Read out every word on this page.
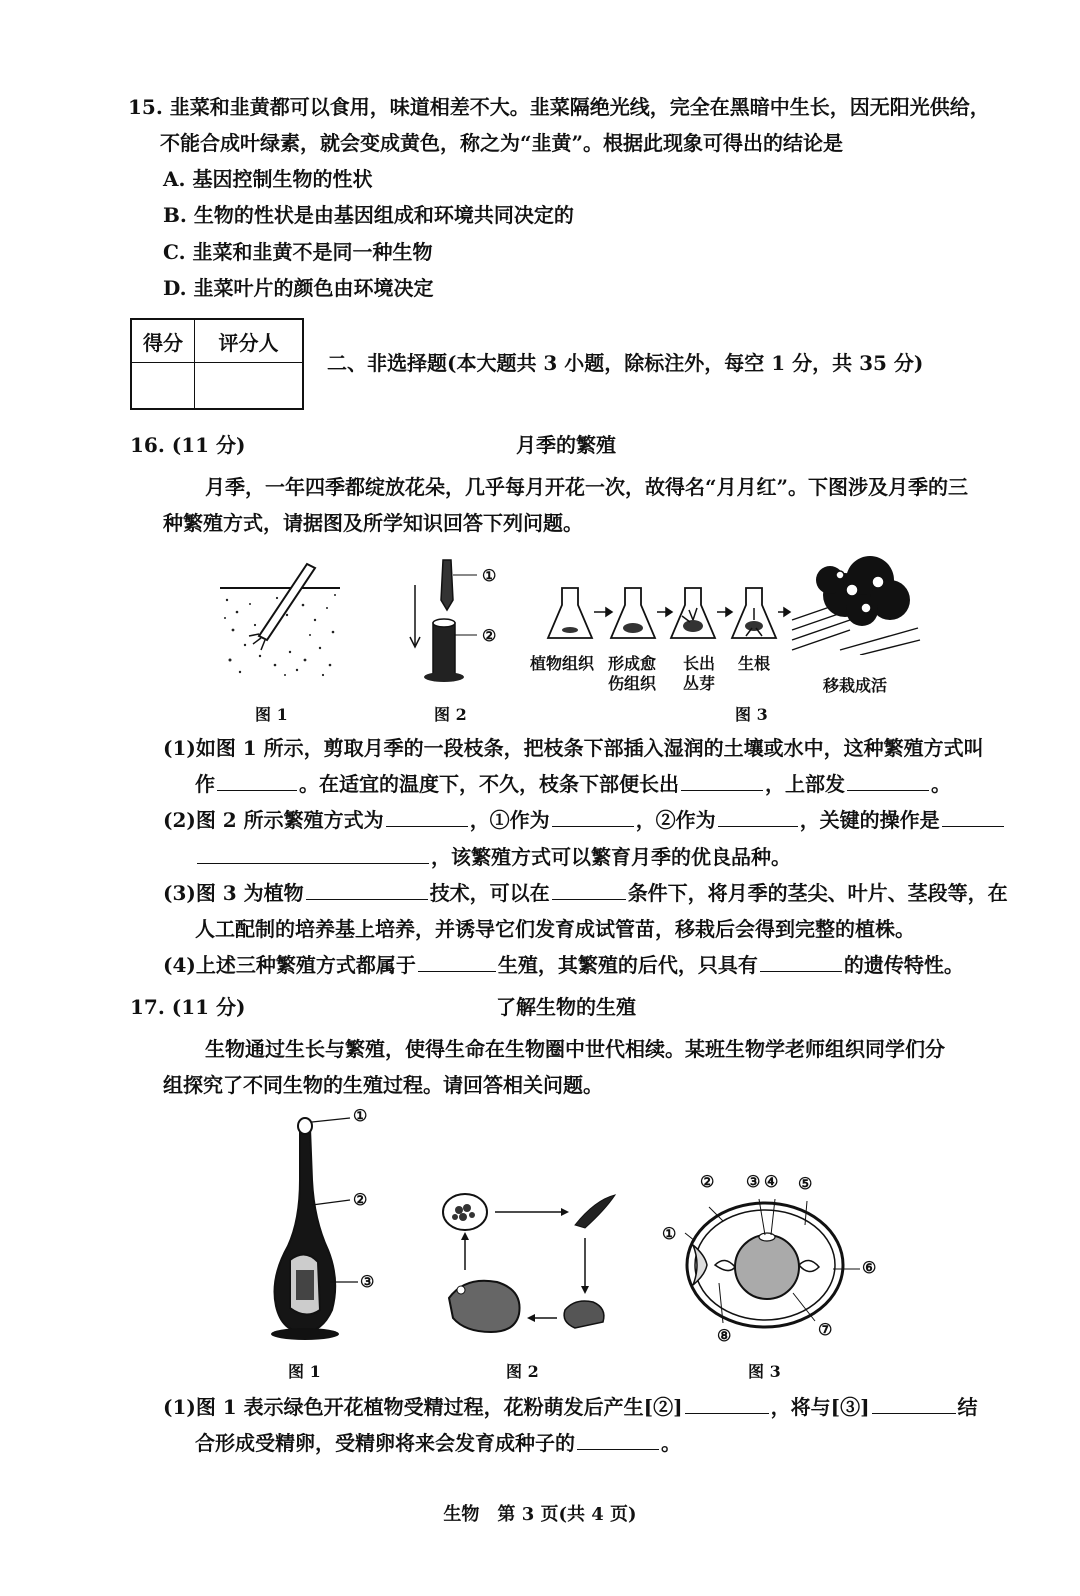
15. 韭菜和韭黄都可以食用，味道相差不大。韭菜隔绝光线，完全在黑暗中生长，因无阳光供给，
不能合成叶绿素，就会变成黄色，称之为“韭黄”。根据此现象可得出的结论是
A. 基因控制生物的性状
B. 生物的性状是由基因组成和环境共同决定的
C. 韭菜和韭黄不是同一种生物
D. 韭菜叶片的颜色由环境决定
得分	评分人

二、非选择题(本大题共 3 小题，除标注外，每空 1 分，共 35 分)
16. (11 分)	月季的繁殖
月季，一年四季都绽放花朵，几乎每月开花一次，故得名“月月红”。下图涉及月季的三
种繁殖方式，请据图及所学知识回答下列问题。
图 1
①
②
图 2
植物组织 形成愈
伤组织
长出
丛芽
生根
移栽成活
图 3
(1)如图 1 所示，剪取月季的一段枝条，把枝条下部插入湿润的土壤或水中，这种繁殖方式叫
作	。在适宜的温度下，不久，枝条下部便长出	，上部发	。
(2)图 2 所示繁殖方式为	，①作为	，②作为	，关键的操作是
，该繁殖方式可以繁育月季的优良品种。
(3)图 3 为植物	技术，可以在	条件下，将月季的茎尖、叶片、茎段等，在
人工配制的培养基上培养，并诱导它们发育成试管苗，移栽后会得到完整的植株。
(4)上述三种繁殖方式都属于	生殖，其繁殖的后代，只具有	的遗传特性。
17. (11 分)	了解生物的生殖
生物通过生长与繁殖，使得生命在生物圈中世代相续。某班生物学老师组织同学们分
组探究了不同生物的生殖过程。请回答相关问题。
①
②
③
图 1	图 2
② ③ ④ ⑤
①
⑥
⑦
⑧
图 3
(1)图 1 表示绿色开花植物受精过程，花粉萌发后产生[②]	，将与[③]	结
合形成受精卵，受精卵将来会发育成种子的	。
生物　第 3 页(共 4 页)
